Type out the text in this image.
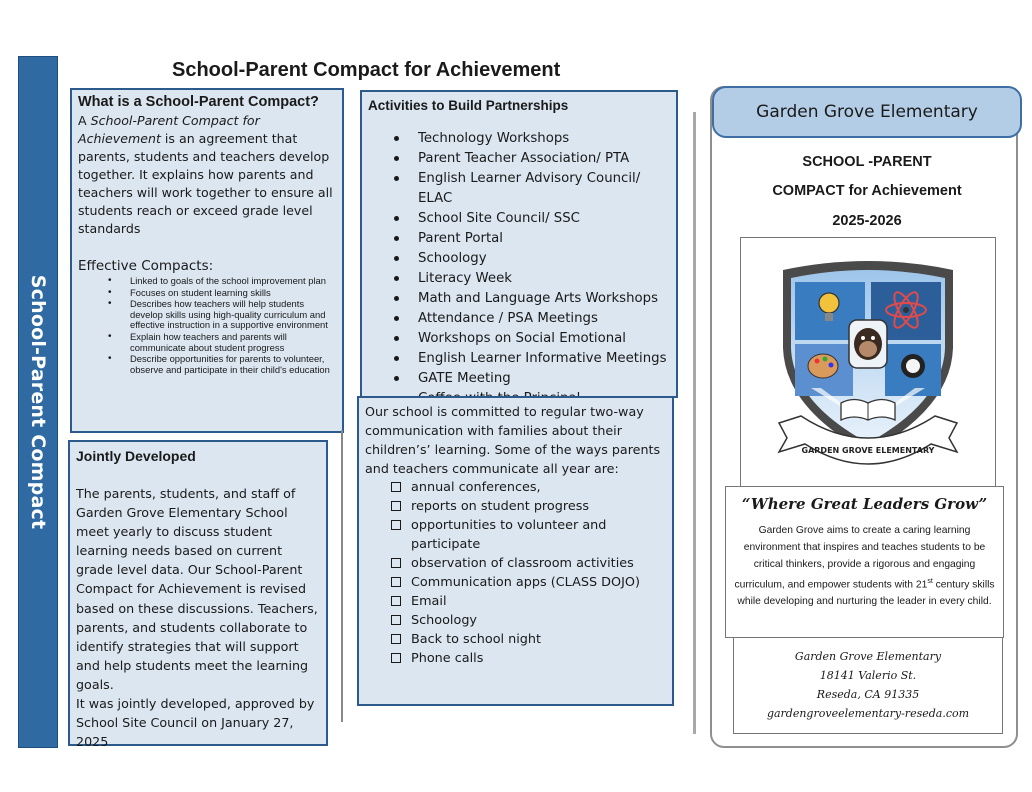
School-Parent Compact
School-Parent Compact for Achievement
What is a School-Parent Compact?
A School-Parent Compact for Achievement is an agreement that parents, students and teachers develop together. It explains how parents and teachers will work together to ensure all students reach or exceed grade level standards
Effective Compacts:
• Linked to goals of the school improvement plan
• Focuses on student learning skills
• Describes how teachers will help students develop skills using high-quality curriculum and effective instruction in a supportive environment
• Explain how teachers and parents will communicate about student progress
• Describe opportunities for parents to volunteer, observe and participate in their child's education
Jointly Developed
The parents, students, and staff of Garden Grove Elementary School meet yearly to discuss student learning needs based on current grade level data. Our School-Parent Compact for Achievement is revised based on these discussions. Teachers, parents, and students collaborate to identify strategies that will support and help students meet the learning goals.
It was jointly developed, approved by School Site Council on January 27, 2025
Activities to Build Partnerships
Technology Workshops
Parent Teacher Association/ PTA
English Learner Advisory Council/ ELAC
School Site Council/ SSC
Parent Portal
Schoology
Literacy Week
Math and Language Arts Workshops
Attendance / PSA Meetings
Workshops on Social Emotional
English Learner Informative Meetings
GATE Meeting
Our school is committed to regular two-way communication with families about their children’s’ learning. Some of the ways parents and teachers communicate all year are:
annual conferences,
reports on student progress
opportunities to volunteer and participate
observation of classroom activities
Communication apps (CLASS DOJO)
Email
Schoology
Back to school night
Phone calls
Garden Grove Elementary
SCHOOL -PARENT
COMPACT for Achievement
2025-2026
GARDEN GROVE ELEMENTARY
“Where Great Leaders Grow”
Garden Grove aims to create a caring learning environment that inspires and teaches students to be critical thinkers, provide a rigorous and engaging curriculum, and empower students with 21st century skills while developing and nurturing the leader in every child.
Garden Grove Elementary
18141 Valerio St.
Reseda, CA 91335
gardengroveelementary-reseda.com
